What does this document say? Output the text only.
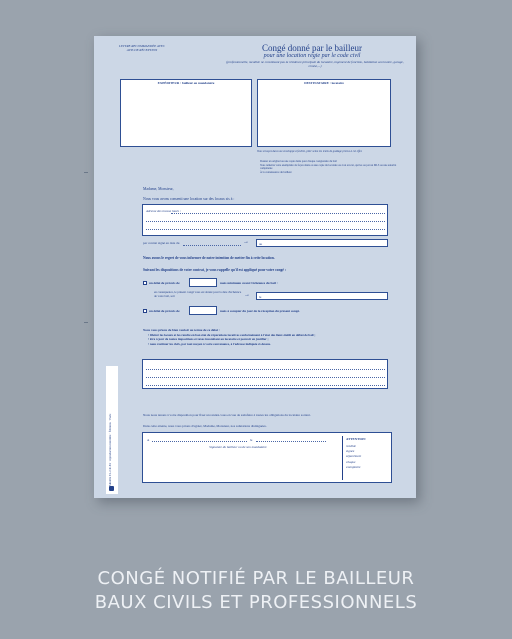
LETTRE RECOMMANDÉE AVEC AVIS DE RÉCEPTION	Congé donné par le bailleur
pour une location régie par le code civil
(professionnelle, meublée ne constituant pas la résidence principale du locataire, logement de fonction, habitation accessoire, garage, remise,...)
EXPÉDITEUR : bailleur ou mandataire	DESTINATAIRE : locataire
Vous envoyez dans une enveloppe à fenêtre, plier selon les traits de guidage prévus à cet effet.
Donner un original ou une copie datée pour chaque cosignataire du bail
Vous remettre votre exemplaire de façon datée ou une copie du locataire ou à un avocat, qui les ou par un MLS ou une autorité compétente
À la connaissance du bailleur
Madame, Monsieur,
Nous vous avons consenti une location sur des locaux sis à :
Adresse des locaux loués :
par contrat signé en date du	→	au
Nous avons le regret de vous informer de notre intention de mettre fin à cette location.
Suivant les dispositions de votre contrat, je vous rappelle qu'il est appliqué pour votre congé :
un délai de préavis de	mois minimum avant l'échéance du bail :
en conséquence, le présent congé vous est donné pour la date d'échéance de votre bail, soit	→	le
un délai de préavis de	mois à compter du jour de la réception du présent congé.
Nous vous prions de bien vouloir au terme de ce délai :
• libérer les locaux et les rendre en bon état de réparations locatives conformément à l'état des lieux établi en début de bail ;
• être à jour de toutes impositions et taxes incombant au locataire et pouvoir en justifier ;
• nous restituer les clefs, par tout moyen à votre convenance, à l'adresse indiquée ci-dessus.
Nous nous tenons à votre disposition pour fixer un rendez-vous en vue de satisfaire à toutes les obligations du locataire sortant.
Dans cette attente, nous vous prions d'agréer, Madame, Monsieur, nos salutations distinguées.
A	le
Signature du bailleur ou de son mandataire
ATTENTION
rendhie
signez
séparément
chaque
exemplaire
Modèle EL-CR-P4 · reproduction interdite · Éditions · Paris
CONGÉ NOTIFIÉ PAR LE BAILLEUR
BAUX CIVILS ET PROFESSIONNELS
